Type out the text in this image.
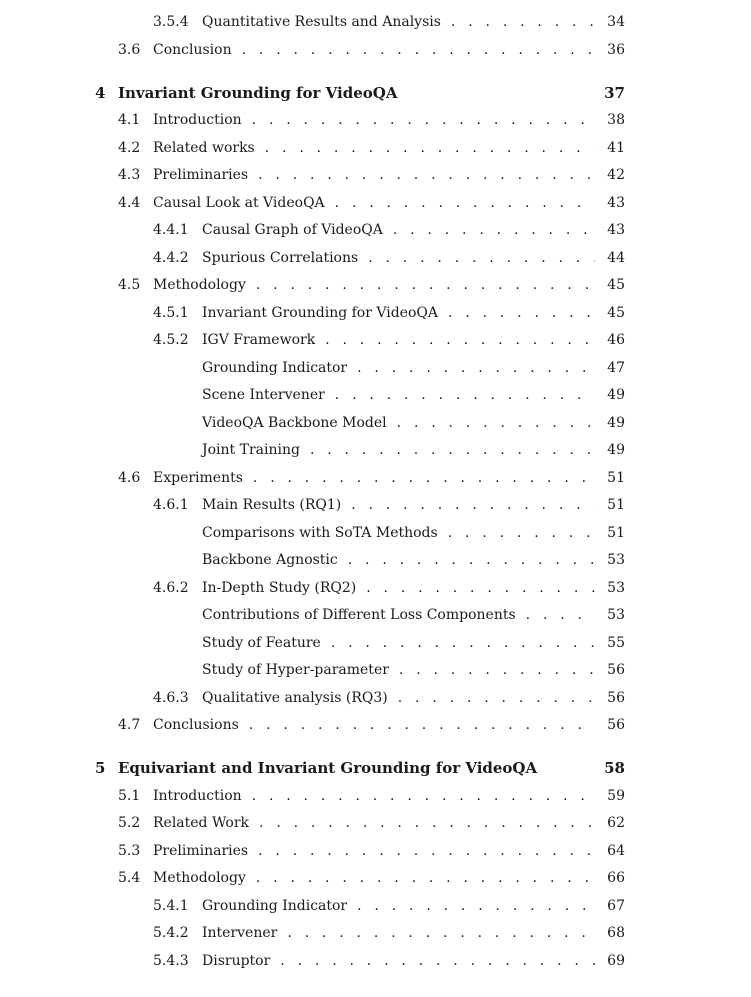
3.5.4 Quantitative Results and Analysis . . .	34
3.6 Conclusion . . .	36
4 Invariant Grounding for VideoQA	37
4.1 Introduction . . .	38
4.2 Related works . . .	41
4.3 Preliminaries . . .	42
4.4 Causal Look at VideoQA . . .	43
4.4.1 Causal Graph of VideoQA . . .	43
4.4.2 Spurious Correlations . . .	44
4.5 Methodology . . .	45
4.5.1 Invariant Grounding for VideoQA . . .	45
4.5.2 IGV Framework . . .	46
Grounding Indicator . . .	47
Scene Intervener . . .	49
VideoQA Backbone Model . . .	49
Joint Training . . .	49
4.6 Experiments . . .	51
4.6.1 Main Results (RQ1) . . .	51
Comparisons with SoTA Methods . . .	51
Backbone Agnostic . . .	53
4.6.2 In-Depth Study (RQ2) . . .	53
Contributions of Different Loss Components . . .	53
Study of Feature . . .	55
Study of Hyper-parameter . . .	56
4.6.3 Qualitative analysis (RQ3) . . .	56
4.7 Conclusions . . .	56
5 Equivariant and Invariant Grounding for VideoQA	58
5.1 Introduction . . .	59
5.2 Related Work . . .	62
5.3 Preliminaries . . .	64
5.4 Methodology . . .	66
5.4.1 Grounding Indicator . . .	67
5.4.2 Intervener . . .	68
5.4.3 Disruptor . . .	69
